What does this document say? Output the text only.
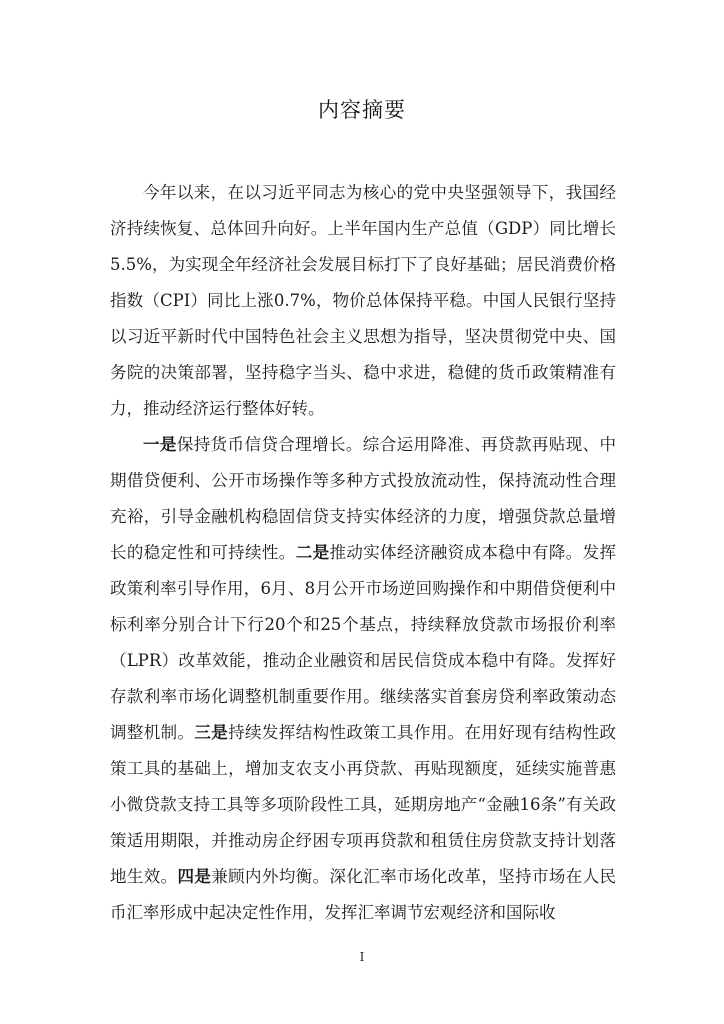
内容摘要

今年以来，在以习近平同志为核心的党中央坚强领导下，我国经济持续恢复、总体回升向好。上半年国内生产总值（GDP）同比增长5.5%，为实现全年经济社会发展目标打下了良好基础；居民消费价格指数（CPI）同比上涨0.7%，物价总体保持平稳。中国人民银行坚持以习近平新时代中国特色社会主义思想为指导，坚决贯彻党中央、国务院的决策部署，坚持稳字当头、稳中求进，稳健的货币政策精准有力，推动经济运行整体好转。

一是保持货币信贷合理增长。综合运用降准、再贷款再贴现、中期借贷便利、公开市场操作等多种方式投放流动性，保持流动性合理充裕，引导金融机构稳固信贷支持实体经济的力度，增强贷款总量增长的稳定性和可持续性。二是推动实体经济融资成本稳中有降。发挥政策利率引导作用，6月、8月公开市场逆回购操作和中期借贷便利中标利率分别合计下行20个和25个基点，持续释放贷款市场报价利率（LPR）改革效能，推动企业融资和居民信贷成本稳中有降。发挥好存款利率市场化调整机制重要作用。继续落实首套房贷利率政策动态调整机制。三是持续发挥结构性政策工具作用。在用好现有结构性政策工具的基础上，增加支农支小再贷款、再贴现额度，延续实施普惠小微贷款支持工具等多项阶段性工具，延期房地产“金融16条”有关政策适用期限，并推动房企纾困专项再贷款和租赁住房贷款支持计划落地生效。四是兼顾内外均衡。深化汇率市场化改革，坚持市场在人民币汇率形成中起决定性作用，发挥汇率调节宏观经济和国际收

I
